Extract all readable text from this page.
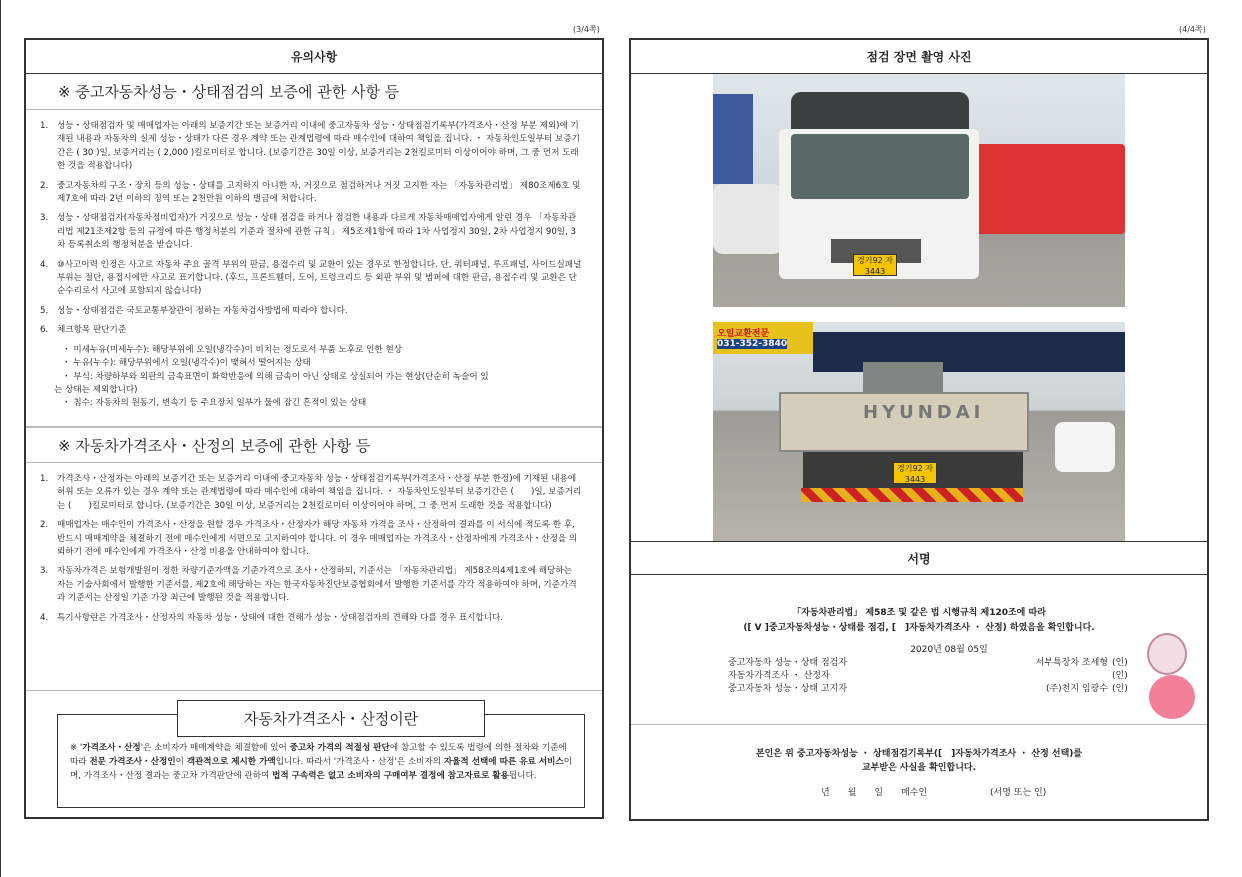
(3/4쪽)	(4/4쪽)
유의사항
※ 중고자동차성능・상태점검의 보증에 관한 사항 등
1.	성능・상태점검자 및 매매업자는 아래의 보증기간 또는 보증거리 이내에 중고자동차 성능・상태점검기록부(가격조사・산정 부분 제외)에 기재된 내용과 자동차의 실제 성능・상태가 다른 경우 계약 또는 관계법령에 따라 매수인에 대하여 책임을 집니다. ・ 자동차인도일부터 보증기간은 ( 30 )일, 보증거리는 ( 2,000 )킬로미터로 합니다. (보증기간은 30일 이상, 보증거리는 2천킬로미터 이상이어야 하며, 그 중 먼저 도래한 것을 적용합니다)
2.	중고자동차의 구조・장치 등의 성능・상태를 고지하지 아니한 자, 거짓으로 점검하거나 거짓 고지한 자는 「자동차관리법」 제80조제6호 및 제7호에 따라 2년 이하의 징역 또는 2천만원 이하의 벌금에 처합니다.
3.	성능・상태점검자(자동차정비업자)가 거짓으로 성능・상태 점검을 하거나 점검한 내용과 다르게 자동차매매업자에게 알린 경우 「자동차관리법 제21조제2항 등의 규정에 따른 행정처분의 기준과 절차에 관한 규칙」 제5조제1항에 따라 1차 사업정지 30일, 2차 사업정지 90일, 3차 등록취소의 행정처분을 받습니다.
4.	⑩사고이력 인정은 사고로 자동차 주요 골격 부위의 판금, 용접수리 및 교환이 있는 경우로 한정합니다. 단, 쿼터패널, 루프패널, 사이드실패널 부위는 절단, 용접시에만 사고로 표기합니다. (후드, 프론트휀더, 도어, 트렁크리드 등 외판 부위 및 범퍼에 대한 판금, 용접수리 및 교환은 단순수리로서 사고에 포함되지 않습니다)
5.	성능・상태점검은 국토교통부장관이 정하는 자동차검사방법에 따라야 합니다.
6.	체크항목 판단기준
・ 미세누유(미세누수): 해당부위에 오일(냉각수)이 비치는 정도로서 부품 노후로 인한 현상
・ 누유(누수): 해당부위에서 오일(냉각수)이 맺혀서 떨어지는 상태
・ 부식: 차량하부와 외판의 금속표면이 화학반응에 의해 금속이 아닌 상태로 상실되어 가는 현상(단순히 녹슬어 있
는 상태는 제외합니다)
・ 침수: 자동차의 원동기, 변속기 등 주요장치 일부가 물에 잠긴 흔적이 있는 상태
※ 자동차가격조사・산정의 보증에 관한 사항 등
1.	가격조사・산정자는 아래의 보증기간 또는 보증거리 이내에 중고자동차 성능・상태점검기록부(가격조사・산정 부분 한정)에 기재된 내용에 허위 또는 오류가 있는 경우 계약 또는 관계법령에 따라 매수인에 대하여 책임을 집니다. ・ 자동차인도일부터 보증기간은 (　　)일, 보증거리는 (　　)킬로미터로 합니다. (보증기간은 30일 이상, 보증거리는 2천킬로미터 이상이어야 하며, 그 중 먼저 도래한 것을 적용합니다)
2.	매매업자는 매수인이 가격조사・산정을 원할 경우 가격조사・산정자가 해당 자동차 가격을 조사・산정하여 결과를 이 서식에 적도록 한 후, 반드시 매매계약을 체결하기 전에 매수인에게 서면으로 고지하여야 합니다. 이 경우 매매업자는 가격조사・산정자에게 가격조사・산정을 의뢰하기 전에 매수인에게 가격조사・산정 비용을 안내하여야 합니다.
3.	자동차가격은 보험개발원이 정한 차량기준가액을 기준가격으로 조사・산정하되, 기준서는 「자동차관리법」 제58조의4제1호에 해당하는 자는 기술사회에서 발행한 기준서를, 제2호에 해당하는 자는 한국자동차진단보증협회에서 발행한 기준서를 각각 적용하여야 하며, 기준가격과 기준서는 산정일 기준 가장 최근에 발행된 것을 적용합니다.
4.	특기사항란은 가격조사・산정자의 자동차 성능・상태에 대한 견해가 성능・상태점검자의 견해와 다를 경우 표시합니다.
※ '가격조사・산정'은 소비자가 매매계약을 체결함에 있어 중고차 가격의 적절성 판단에 참고할 수 있도록 법령에 의한 절차와 기준에 따라 전문 가격조사・산정인이 객관적으로 제시한 가액입니다. 따라서 '가격조사・산정'은 소비자의 자율적 선택에 따른 유료 서비스이며, 가격조사・산정 결과는 중고차 가격판단에 관하여 법적 구속력은 없고 소비자의 구매여부 결정에 참고자료로 활용됩니다.
자동차가격조사・산정이란
점검 장면 촬영 사진
경기92 자3443
오일교환전문
031-352-3840
HYUNDAI
경기92 자3443
서명
「자동차관리법」 제58조 및 같은 법 시행규칙 제120조에 따라
([ V ]중고자동차성능・상태를 점검, [　]자동차가격조사 ・ 산정) 하였음을 확인합니다.
2020년 08월 05일
중고자동차 성능・상태 점검자	서부특장차 조세형 (인)
자동차가격조사 ・ 산정자	(인)
중고자동차 성능・상태 고지자	(주)천지 임광수 (인)
본인은 위 중고자동차성능 ・ 상태점검기록부([　]자동차가격조사 ・ 산정 선택)를
교부받은 사실을 확인합니다.
년　　월　　일　　매수인	(서명 또는 인)
